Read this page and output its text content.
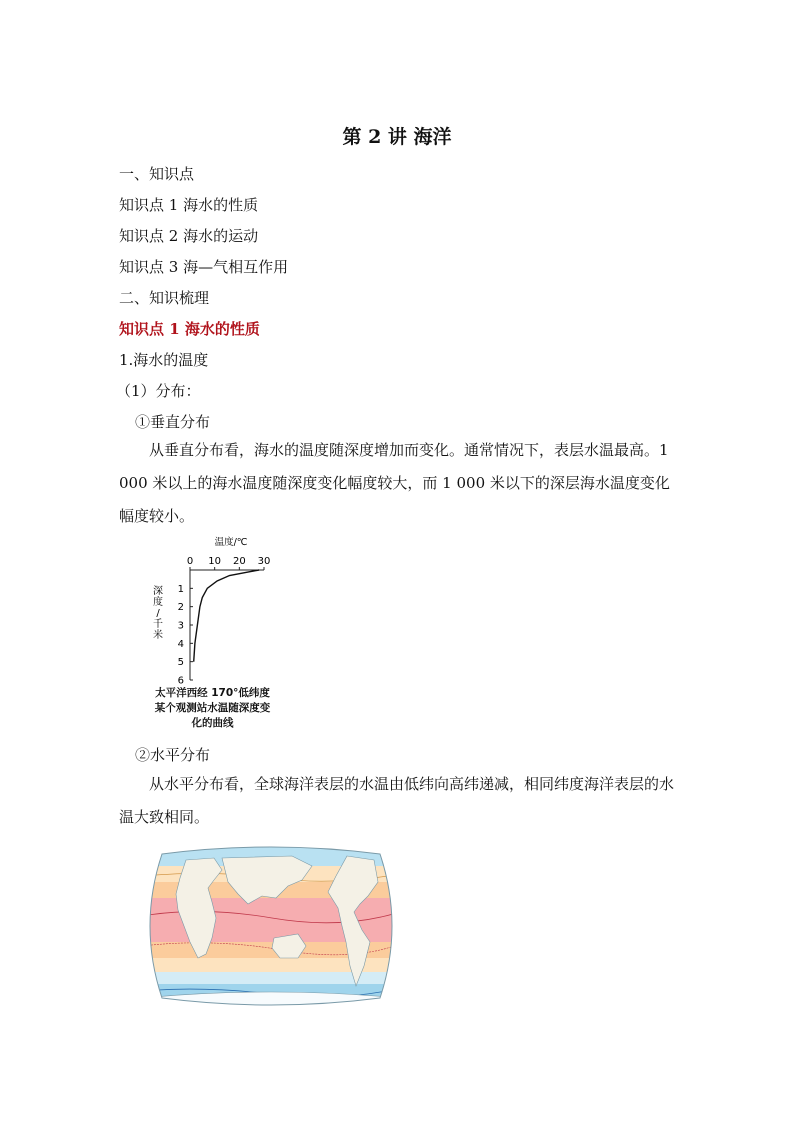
第 2 讲 海洋
一、知识点
知识点 1 海水的性质
知识点 2 海水的运动
知识点 3 海—气相互作用
二、知识梳理
知识点 1 海水的性质
1.海水的温度
（1）分布：
①垂直分布
从垂直分布看，海水的温度随深度增加而变化。通常情况下，表层水温最高。1 000 米以上的海水温度随深度变化幅度较大，而 1 000 米以下的深层海水温度变化幅度较小。
0 10 20 30
1
2
3
4
5
6
温度/℃
深度/千米
太平洋西经 170°低纬度某个观测站水温随深度变化的曲线
②水平分布
从水平分布看，全球海洋表层的水温由低纬向高纬递减，相同纬度海洋表层的水温大致相同。
